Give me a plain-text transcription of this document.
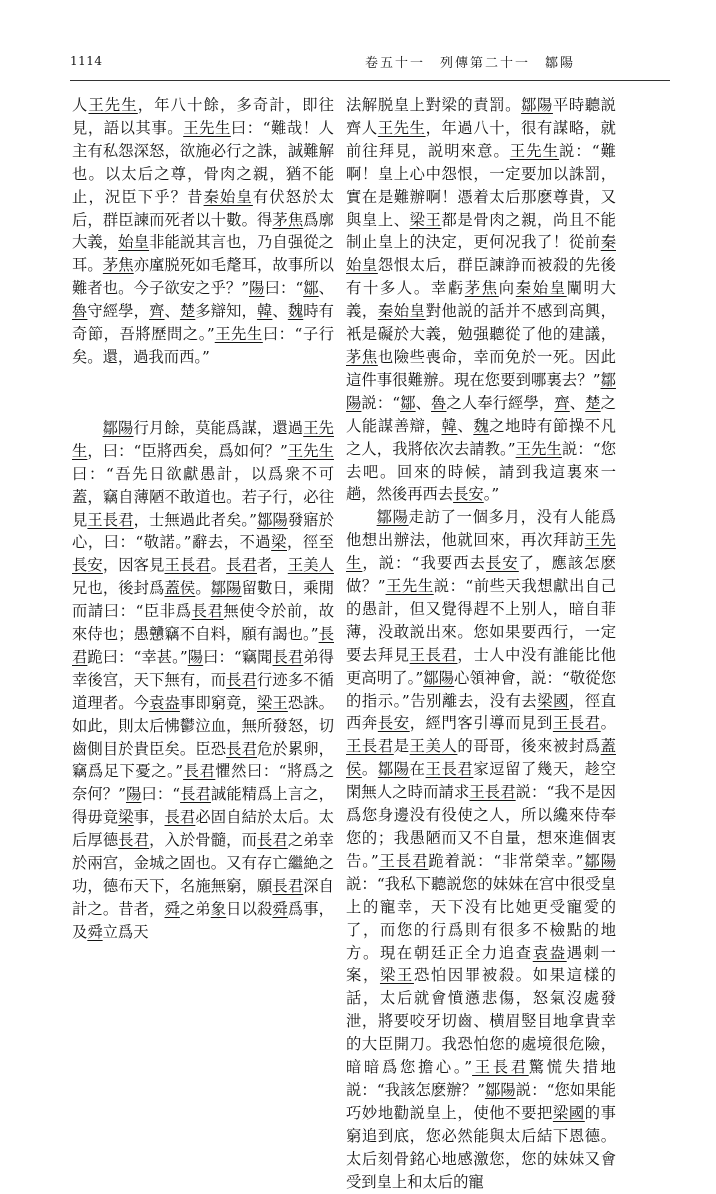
1114	卷五十一　列傳第二十一　鄒陽

人王先生，年八十餘，多奇計，即往見，語以其事。王先生曰：“難哉！人主有私怨深怒，欲施必行之誅，誠難解也。以太后之尊，骨肉之親，猶不能止，況臣下乎？昔秦始皇有伏怒於太后，群臣諫而死者以十數。得茅焦爲廓大義，始皇非能説其言也，乃自强從之耳。茅焦亦廑脱死如毛氂耳，故事所以難者也。今子欲安之乎？”陽曰：“鄒、魯守經學，齊、楚多辯知，韓、魏時有奇節，吾將歷問之。”王先生曰：“子行矣。還，過我而西。”

鄒陽行月餘，莫能爲謀，還過王先生，曰：“臣將西矣，爲如何？”王先生曰：“吾先日欲獻愚計，以爲衆不可蓋，竊自薄陋不敢道也。若子行，必往見王長君，士無過此者矣。”鄒陽發寤於心，曰：“敬諾。”辭去，不過梁，徑至長安，因客見王長君。長君者，王美人兄也，後封爲蓋侯。鄒陽留數日，乘閒而請曰：“臣非爲長君無使令於前，故來侍也；愚戇竊不自料，願有謁也。”長君跪曰：“幸甚。”陽曰：“竊聞長君弟得幸後宫，天下無有，而長君行迹多不循道理者。今袁盎事即窮竟，梁王恐誅。如此，則太后怫鬱泣血，無所發怒，切齒側目於貴臣矣。臣恐長君危於累卵，竊爲足下憂之。”長君懼然曰：“將爲之奈何？”陽曰：“長君誠能精爲上言之，得毋竟梁事，長君必固自結於太后。太后厚德長君，入於骨髓，而長君之弟幸於兩宫，金城之固也。又有存亡繼絶之功，德布天下，名施無窮，願長君深自計之。昔者，舜之弟象日以殺舜爲事，及舜立爲天

法解脱皇上對梁的責罰。鄒陽平時聽説齊人王先生，年過八十，很有謀略，就前往拜見，説明來意。王先生説：“難啊！皇上心中怨恨，一定要加以誅罰，實在是難辦啊！憑着太后那麽尊貴，又與皇上、梁王都是骨肉之親，尚且不能制止皇上的決定，更何况我了！從前秦始皇怨恨太后，群臣諫諍而被殺的先後有十多人。幸虧茅焦向秦始皇闡明大義，秦始皇對他説的話并不感到高興，衹是礙於大義，勉强聽從了他的建議，茅焦也險些喪命，幸而免於一死。因此這件事很難辦。現在您要到哪裏去？”鄒陽説：“鄒、魯之人奉行經學，齊、楚之人能謀善辯，韓、魏之地時有節操不凡之人，我將依次去請教。”王先生説：“您去吧。回來的時候，請到我這裏來一趟，然後再西去長安。”

鄒陽走訪了一個多月，没有人能爲他想出辦法，他就回來，再次拜訪王先生，説：“我要西去長安了，應該怎麽做？”王先生説：“前些天我想獻出自己的愚計，但又覺得趕不上别人，暗自菲薄，没敢説出來。您如果要西行，一定要去拜見王長君，士人中没有誰能比他更高明了。”鄒陽心領神會，説：“敬從您的指示。”告别離去，没有去梁國，徑直西奔長安，經門客引導而見到王長君。王長君是王美人的哥哥，後來被封爲蓋侯。鄒陽在王長君家逗留了幾天，趁空閑無人之時而請求王長君説：“我不是因爲您身邊没有役使之人，所以纔來侍奉您的；我愚陋而又不自量，想來進個衷告。”王長君跪着説：“非常榮幸。”鄒陽説：“我私下聽説您的妹妹在宫中很受皇上的寵幸，天下没有比她更受寵愛的了，而您的行爲則有很多不檢點的地方。現在朝廷正全力追查袁盎遇刺一案，梁王恐怕因罪被殺。如果這樣的話，太后就會憤懣悲傷，怒氣沒處發泄，將要咬牙切齒、横眉竪目地拿貴幸的大臣開刀。我恐怕您的處境很危險，暗暗爲您擔心。”王長君驚慌失措地説：“我該怎麽辦？”鄒陽説：“您如果能巧妙地勸説皇上，使他不要把梁國的事窮追到底，您必然能與太后結下恩德。太后刻骨銘心地感激您，您的妹妹又會受到皇上和太后的寵
